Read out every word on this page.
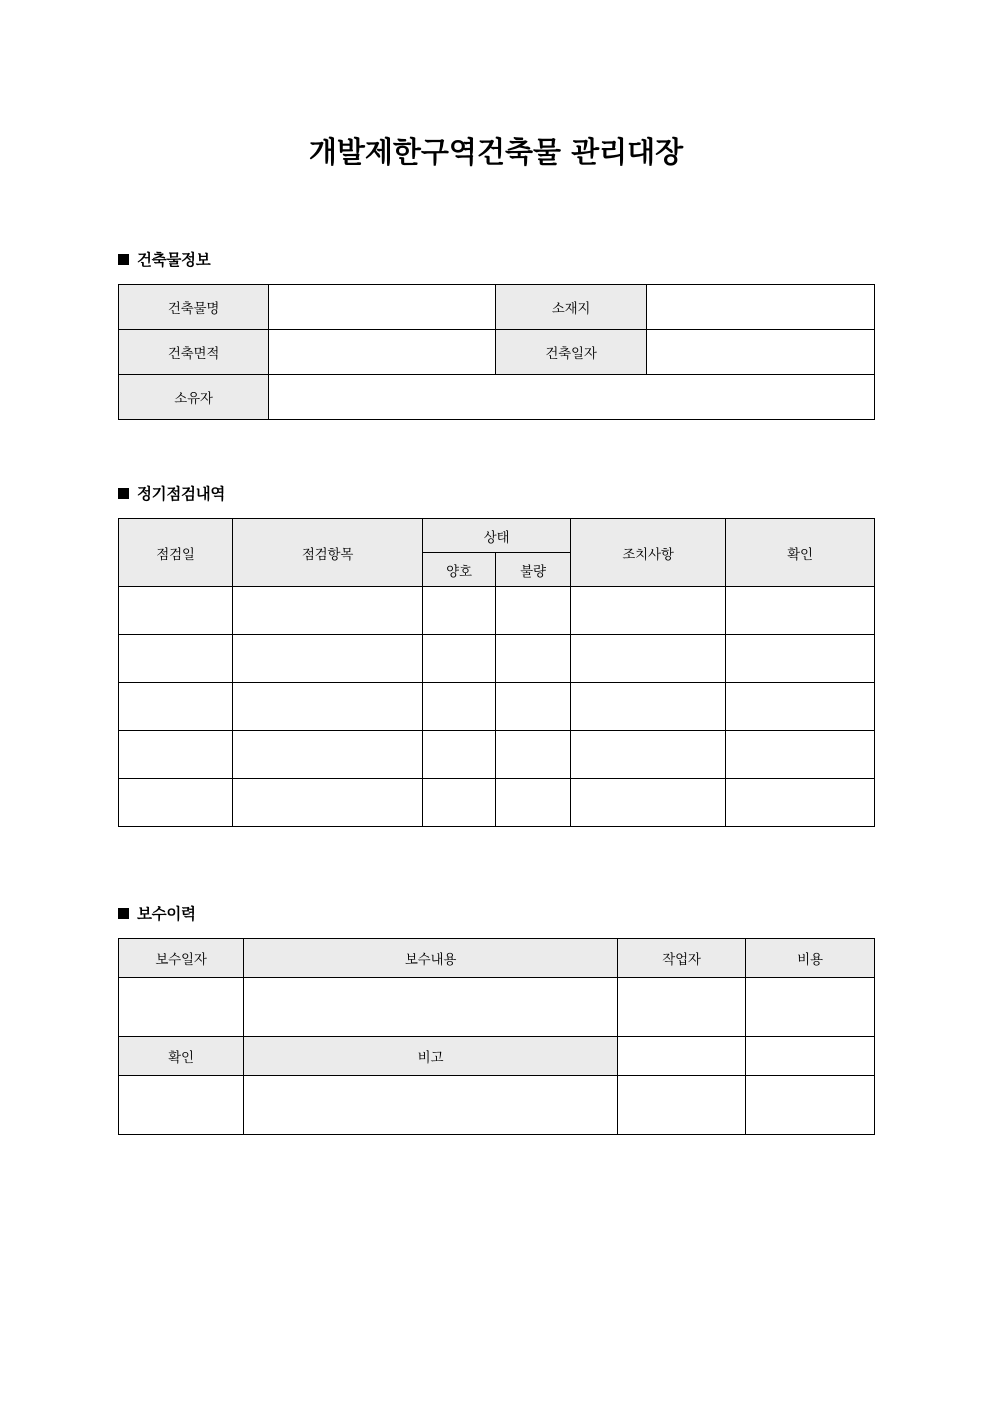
개발제한구역건축물 관리대장
건축물정보
건축물명		소재지	
건축면적		건축일자	
소유자			
정기점검내역
점검일	점검항목	상태		조치사항	확인
		양호	불량		

보수이력
보수일자	보수내용	작업자	비용

확인	비고		
